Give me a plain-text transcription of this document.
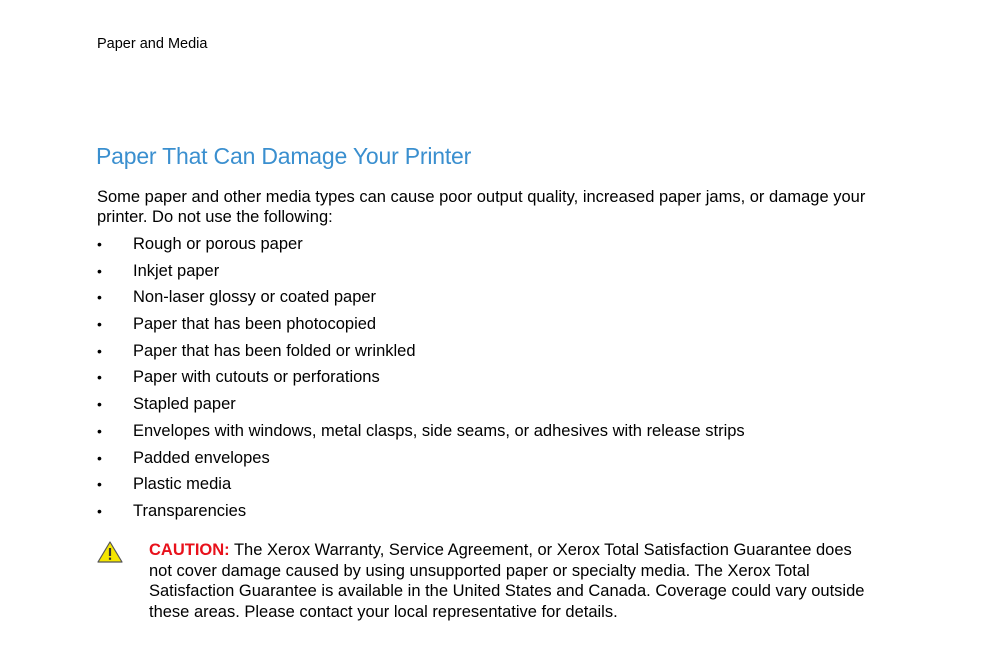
Paper and Media
Paper That Can Damage Your Printer

Some paper and other media types can cause poor output quality, increased paper jams, or damage your printer. Do not use the following:

•	Rough or porous paper
•	Inkjet paper
•	Non-laser glossy or coated paper
•	Paper that has been photocopied
•	Paper that has been folded or wrinkled
•	Paper with cutouts or perforations
•	Stapled paper
•	Envelopes with windows, metal clasps, side seams, or adhesives with release strips
•	Padded envelopes
•	Plastic media
•	Transparencies

CAUTION: The Xerox Warranty, Service Agreement, or Xerox Total Satisfaction Guarantee does not cover damage caused by using unsupported paper or specialty media. The Xerox Total Satisfaction Guarantee is available in the United States and Canada. Coverage could vary outside these areas. Please contact your local representative for details.
